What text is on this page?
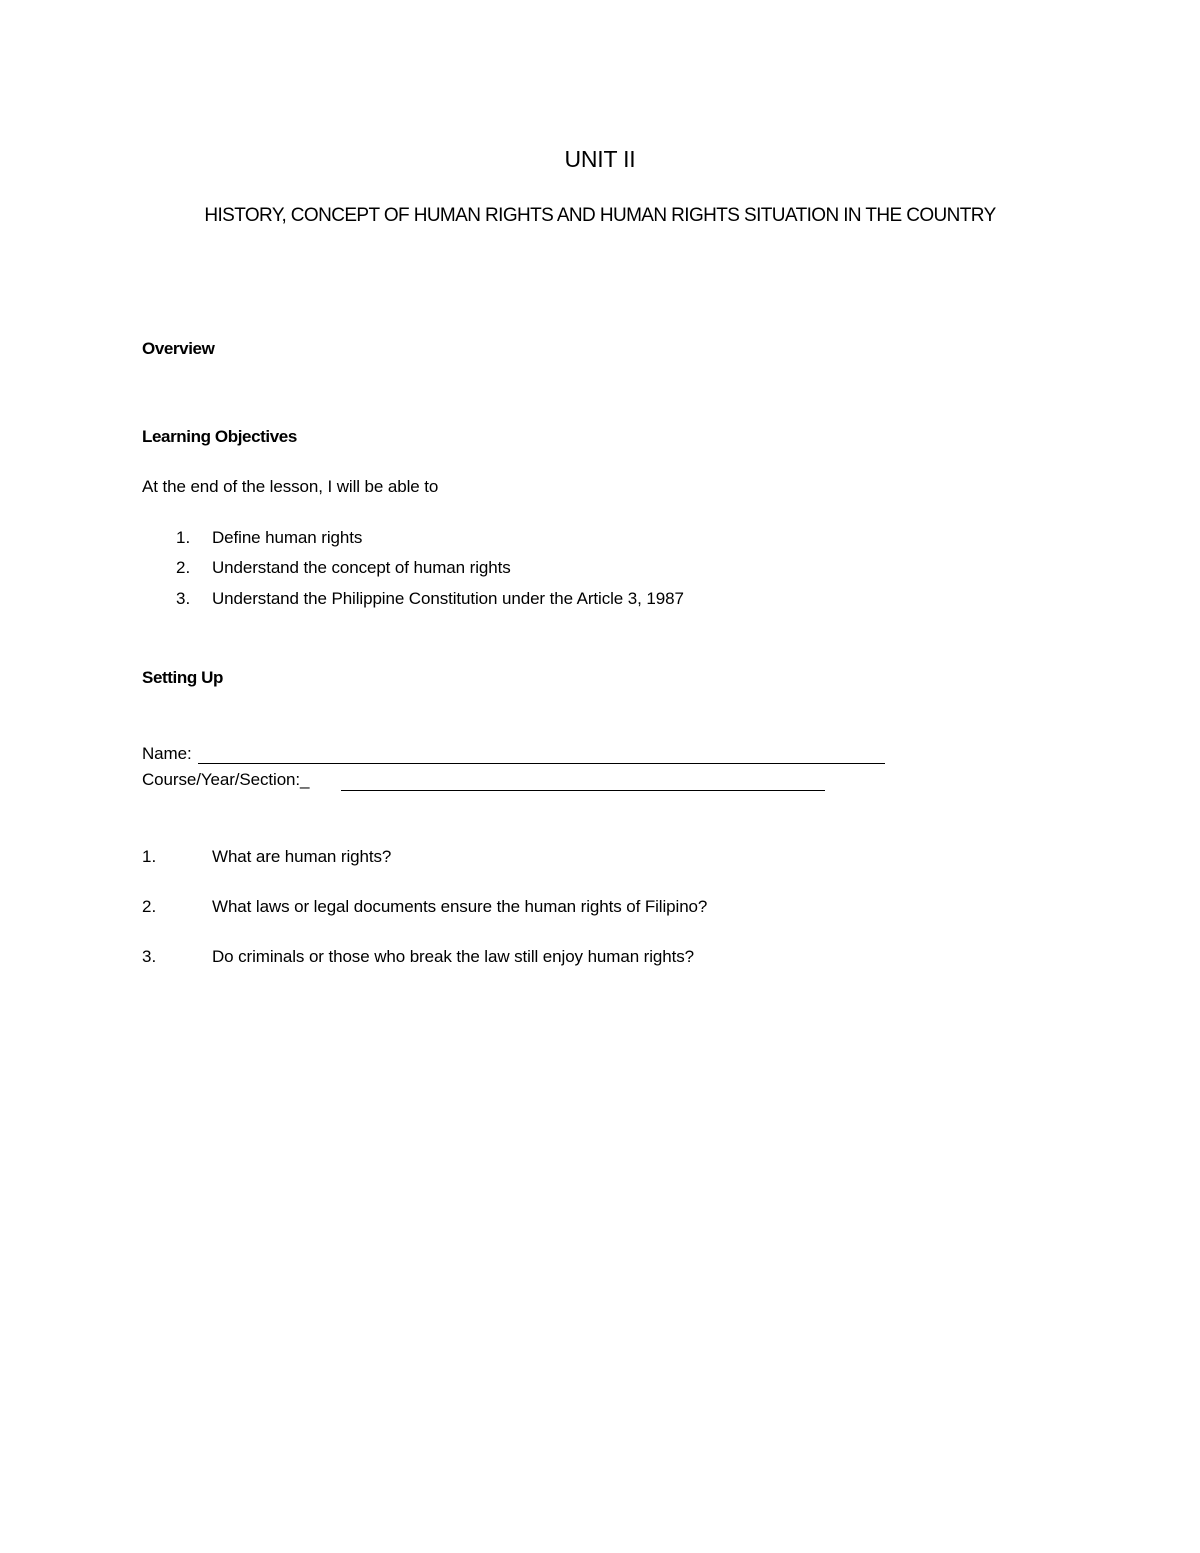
UNIT II
HISTORY, CONCEPT OF HUMAN RIGHTS AND HUMAN RIGHTS SITUATION IN THE COUNTRY
Overview
Learning Objectives
At the end of the lesson, I will be able to
1. Define human rights
2. Understand the concept of human rights
3. Understand the Philippine Constitution under the Article 3, 1987
Setting Up
Name:
Course/Year/Section:_
1.	What are human rights?
2.	What laws or legal documents ensure the human rights of Filipino?
3.	Do criminals or those who break the law still enjoy human rights?
